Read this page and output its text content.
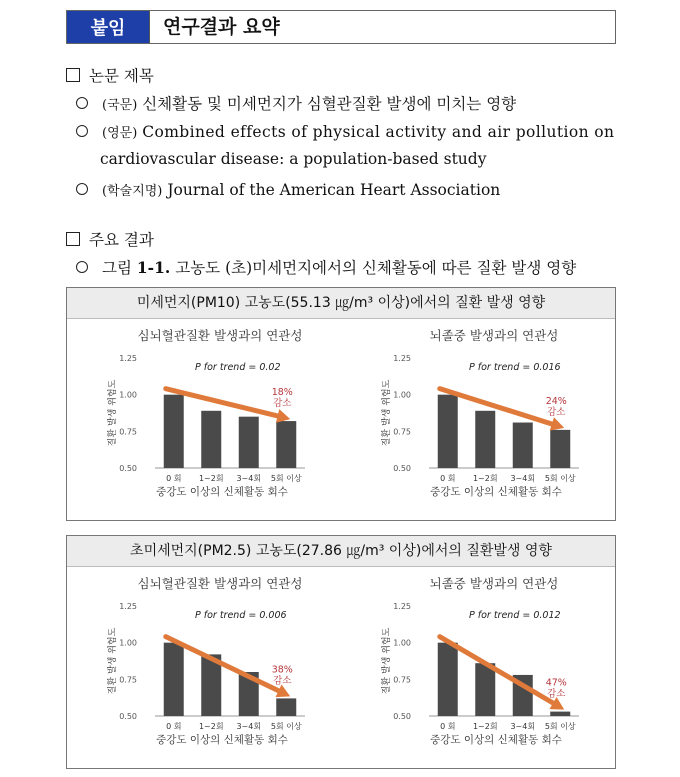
붙임	연구결과 요약
논문 제목
(국문) 신체활동 및 미세먼지가 심혈관질환 발생에 미치는 영향
(영문) Combined effects of physical activity and air pollution on
cardiovascular disease: a population-based study
(학술지명) Journal of the American Heart Association
주요 결과
그림 1-1. 고농도 (초)미세먼지에서의 신체활동에 따른 질환 발생 영향
미세먼지(PM10) 고농도(55.13 ㎍/m³ 이상)에서의 질환 발생 영향
심뇌혈관질환 발생과의 연관성
0.50
0.75
1.00
1.25
질환 발생 위험도
0 회 1~2회 3~4회 5회 이상
중강도 이상의 신체활동 회수
P for trend = 0.02
18%
감소
뇌졸중 발생과의 연관성
0.50
0.75
1.00
1.25
질환 발생 위험도
0 회 1~2회 3~4회 5회 이상
중강도 이상의 신체활동 회수
P for trend = 0.016
24%
감소
초미세먼지(PM2.5) 고농도(27.86 ㎍/m³ 이상)에서의 질환발생 영향
심뇌혈관질환 발생과의 연관성
0.50
0.75
1.00
1.25
질환 발생 위험도
0 회 1~2회 3~4회 5회 이상
중강도 이상의 신체활동 회수
P for trend = 0.006
38%
감소
뇌졸중 발생과의 연관성
0.50
0.75
1.00
1.25
질환 발생 위험도
0 회 1~2회 3~4회 5회 이상
중강도 이상의 신체활동 회수
P for trend = 0.012
47%
감소
